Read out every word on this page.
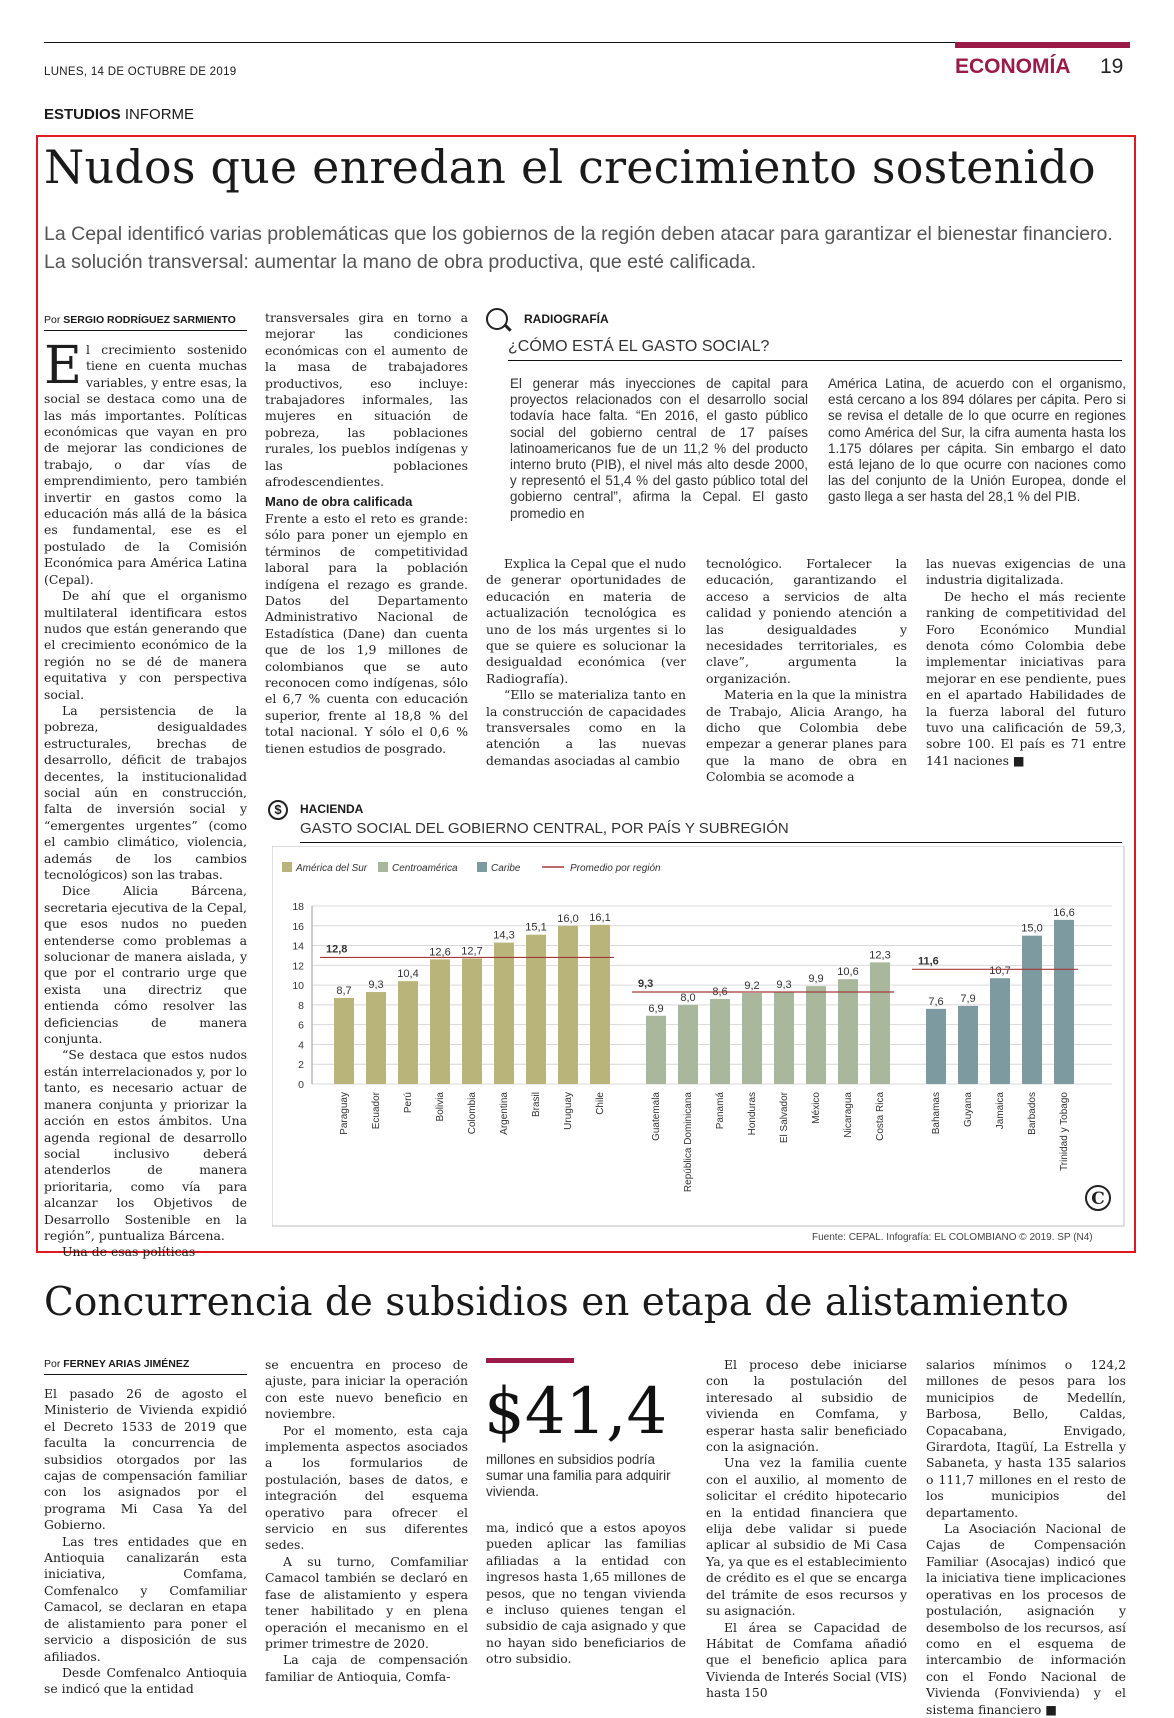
LUNES, 14 DE OCTUBRE DE 2019	ECONOMÍA 19
ESTUDIOS INFORME
Nudos que enredan el crecimiento sostenido
La Cepal identificó varias problemáticas que los gobiernos de la región deben atacar para garantizar el bienestar financiero. La solución transversal: aumentar la mano de obra productiva, que esté calificada.
Por SERGIO RODRÍGUEZ SARMIENTO

El crecimiento sostenido tiene en cuenta muchas variables, y entre esas, la social se destaca como una de las más importantes. Políticas económicas que vayan en pro de mejorar las condiciones de trabajo, o dar vías de emprendimiento, pero también invertir en gastos como la educación más allá de la básica es fundamental, ese es el postulado de la Comisión Económica para América Latina (Cepal).

De ahí que el organismo multilateral identificara estos nudos que están generando que el crecimiento económico de la región no se dé de manera equitativa y con perspectiva social.

La persistencia de la pobreza, desigualdades estructurales, brechas de desarrollo, déficit de trabajos decentes, la institucionalidad social aún en construcción, falta de inversión social y “emergentes urgentes” (como el cambio climático, violencia, además de los cambios tecnológicos) son las trabas.

Dice Alicia Bárcena, secretaria ejecutiva de la Cepal, que esos nudos no pueden entenderse como problemas a solucionar de manera aislada, y que por el contrario urge que exista una directriz que entienda cómo resolver las deficiencias de manera conjunta.

“Se destaca que estos nudos están interrelacionados y, por lo tanto, es necesario actuar de manera conjunta y priorizar la acción en estos ámbitos. Una agenda regional de desarrollo social inclusivo deberá atenderlos de manera prioritaria, como vía para alcanzar los Objetivos de Desarrollo Sostenible en la región”, puntualiza Bárcena.

Una de esas políticas

transversales gira en torno a mejorar las condiciones económicas con el aumento de la masa de trabajadores productivos, eso incluye: trabajadores informales, las mujeres en situación de pobreza, las poblaciones rurales, los pueblos indígenas y las poblaciones afrodescendientes.

Mano de obra calificada

Frente a esto el reto es grande: sólo para poner un ejemplo en términos de competitividad laboral para la población indígena el rezago es grande. Datos del Departamento Administrativo Nacional de Estadística (Dane) dan cuenta que de los 1,9 millones de colombianos que se auto reconocen como indígenas, sólo el 6,7 % cuenta con educación superior, frente al 18,8 % del total nacional. Y sólo el 0,6 % tienen estudios de posgrado.

RADIOGRAFÍA
¿CÓMO ESTÁ EL GASTO SOCIAL?
El generar más inyecciones de capital para proyectos relacionados con el desarrollo social todavía hace falta. “En 2016, el gasto público social del gobierno central de 17 países latinoamericanos fue de un 11,2 % del producto interno bruto (PIB), el nivel más alto desde 2000, y representó el 51,4 % del gasto público total del gobierno central”, afirma la Cepal. El gasto promedio en
América Latina, de acuerdo con el organismo, está cercano a los 894 dólares per cápita. Pero si se revisa el detalle de lo que ocurre en regiones como América del Sur, la cifra aumenta hasta los 1.175 dólares per cápita. Sin embargo el dato está lejano de lo que ocurre con naciones como las del conjunto de la Unión Europea, donde el gasto llega a ser hasta del 28,1 % del PIB.

Explica la Cepal que el nudo de generar oportunidades de educación en materia de actualización tecnológica es uno de los más urgentes si lo que se quiere es solucionar la desigualdad económica (ver Radiografía).

“Ello se materializa tanto en la construcción de capacidades transversales como en la atención a las nuevas demandas asociadas al cambio

tecnológico. Fortalecer la educación, garantizando el acceso a servicios de alta calidad y poniendo atención a las desigualdades y necesidades territoriales, es clave”, argumenta la organización.

Materia en la que la ministra de Trabajo, Alicia Arango, ha dicho que Colombia debe empezar a generar planes para que la mano de obra en Colombia se acomode a

las nuevas exigencias de una industria digitalizada.

De hecho el más reciente ranking de competitividad del Foro Económico Mundial denota cómo Colombia debe implementar iniciativas para mejorar en ese pendiente, pues en el apartado Habilidades de la fuerza laboral del futuro tuvo una calificación de 59,3, sobre 100. El país es 71 entre 141 naciones ■

$	HACIENDA
GASTO SOCIAL DEL GOBIERNO CENTRAL, POR PAÍS Y SUBREGIÓN
0
2
4
6
8
10
12
14
16
18
América del Sur Centroamérica	Caribe	Promedio por región
8,7
Paraguay
9,3
Ecuador
10,4
Perú
12,6
Bolivia
12,7
Colombia
14,3
Argentina
15,1
Brasil
16,0
Uruguay
16,1
Chile
12,8
6,9
Guatemala
8,0
República Dominicana
8,6
Panamá
9,2
Honduras
9,3
El Salvador
9,9
México
10,6
Nicaragua
12,3
Costa Rica
9,3
7,6
Bahamas
7,9
Guyana
10,7
Jamaica
15,0
Barbados
16,6
Trinidad y Tobago
11,6
C
Fuente: CEPAL. Infografía: EL COLOMBIANO © 2019. SP (N4)
Concurrencia de subsidios en etapa de alistamiento
Por FERNEY ARIAS JIMÉNEZ

El pasado 26 de agosto el Ministerio de Vivienda expidió el Decreto 1533 de 2019 que faculta la concurrencia de subsidios otorgados por las cajas de compensación familiar con los asignados por el programa Mi Casa Ya del Gobierno.

Las tres entidades que en Antioquia canalizarán esta iniciativa, Comfama, Comfenalco y Comfamiliar Camacol, se declaran en etapa de alistamiento para poner el servicio a disposición de sus afiliados.

Desde Comfenalco Antioquia se indicó que la entidad

se encuentra en proceso de ajuste, para iniciar la operación con este nuevo beneficio en noviembre.

Por el momento, esta caja implementa aspectos asociados a los formularios de postulación, bases de datos, e integración del esquema operativo para ofrecer el servicio en sus diferentes sedes.

A su turno, Comfamiliar Camacol también se declaró en fase de alistamiento y espera tener habilitado y en plena operación el mecanismo en el primer trimestre de 2020.

La caja de compensación familiar de Antioquia, Comfa-

$41,4
millones en subsidios podría sumar una familia para adquirir vivienda.

ma, indicó que a estos apoyos pueden aplicar las familias afiliadas a la entidad con ingresos hasta 1,65 millones de pesos, que no tengan vivienda e incluso quienes tengan el subsidio de caja asignado y que no hayan sido beneficiarios de otro subsidio.

El proceso debe iniciarse con la postulación del interesado al subsidio de vivienda en Comfama, y esperar hasta salir beneficiado con la asignación.

Una vez la familia cuente con el auxilio, al momento de solicitar el crédito hipotecario en la entidad financiera que elija debe validar si puede aplicar al subsidio de Mi Casa Ya, ya que es el establecimiento de crédito es el que se encarga del trámite de esos recursos y su asignación.

El área se Capacidad de Hábitat de Comfama añadió que el beneficio aplica para Vivienda de Interés Social (VIS) hasta 150

salarios mínimos o 124,2 millones de pesos para los municipios de Medellín, Barbosa, Bello, Caldas, Copacabana, Envigado, Girardota, Itagüí, La Estrella y Sabaneta, y hasta 135 salarios o 111,7 millones en el resto de los municipios del departamento.

La Asociación Nacional de Cajas de Compensación Familiar (Asocajas) indicó que la iniciativa tiene implicaciones operativas en los procesos de postulación, asignación y desembolso de los recursos, así como en el esquema de intercambio de información con el Fondo Nacional de Vivienda (Fonvivienda) y el sistema financiero ■
